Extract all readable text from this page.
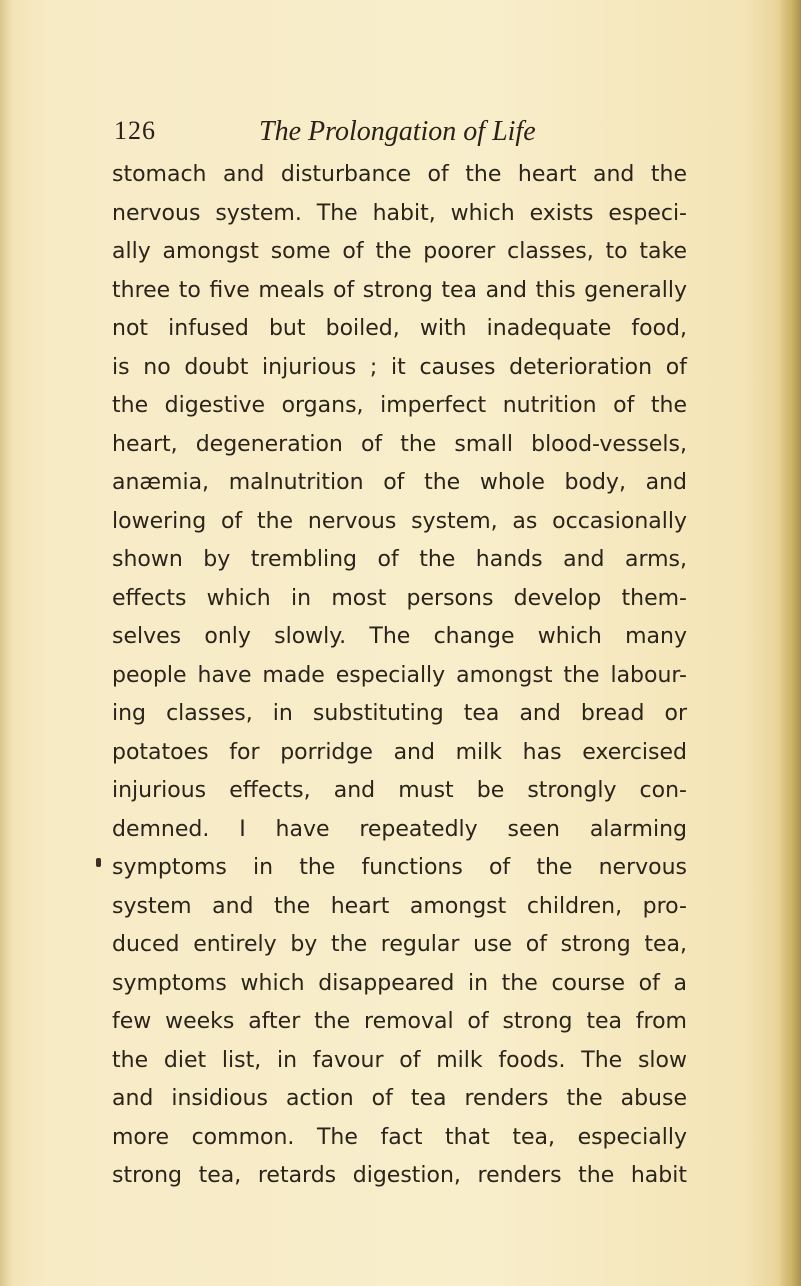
126	The Prolongation of Life
stomach and disturbance of the heart and the
nervous system. The habit, which exists especi-
ally amongst some of the poorer classes, to take
three to five meals of strong tea and this generally
not infused but boiled, with inadequate food,
is no doubt injurious ; it causes deterioration of
the digestive organs, imperfect nutrition of the
heart, degeneration of the small blood-vessels,
anæmia, malnutrition of the whole body, and
lowering of the nervous system, as occasionally
shown by trembling of the hands and arms,
effects which in most persons develop them-
selves only slowly. The change which many
people have made especially amongst the labour-
ing classes, in substituting tea and bread or
potatoes for porridge and milk has exercised
injurious effects, and must be strongly con-
demned. I have repeatedly seen alarming
symptoms in the functions of the nervous
system and the heart amongst children, pro-
duced entirely by the regular use of strong tea,
symptoms which disappeared in the course of a
few weeks after the removal of strong tea from
the diet list, in favour of milk foods. The slow
and insidious action of tea renders the abuse
more common. The fact that tea, especially
strong tea, retards digestion, renders the habit
